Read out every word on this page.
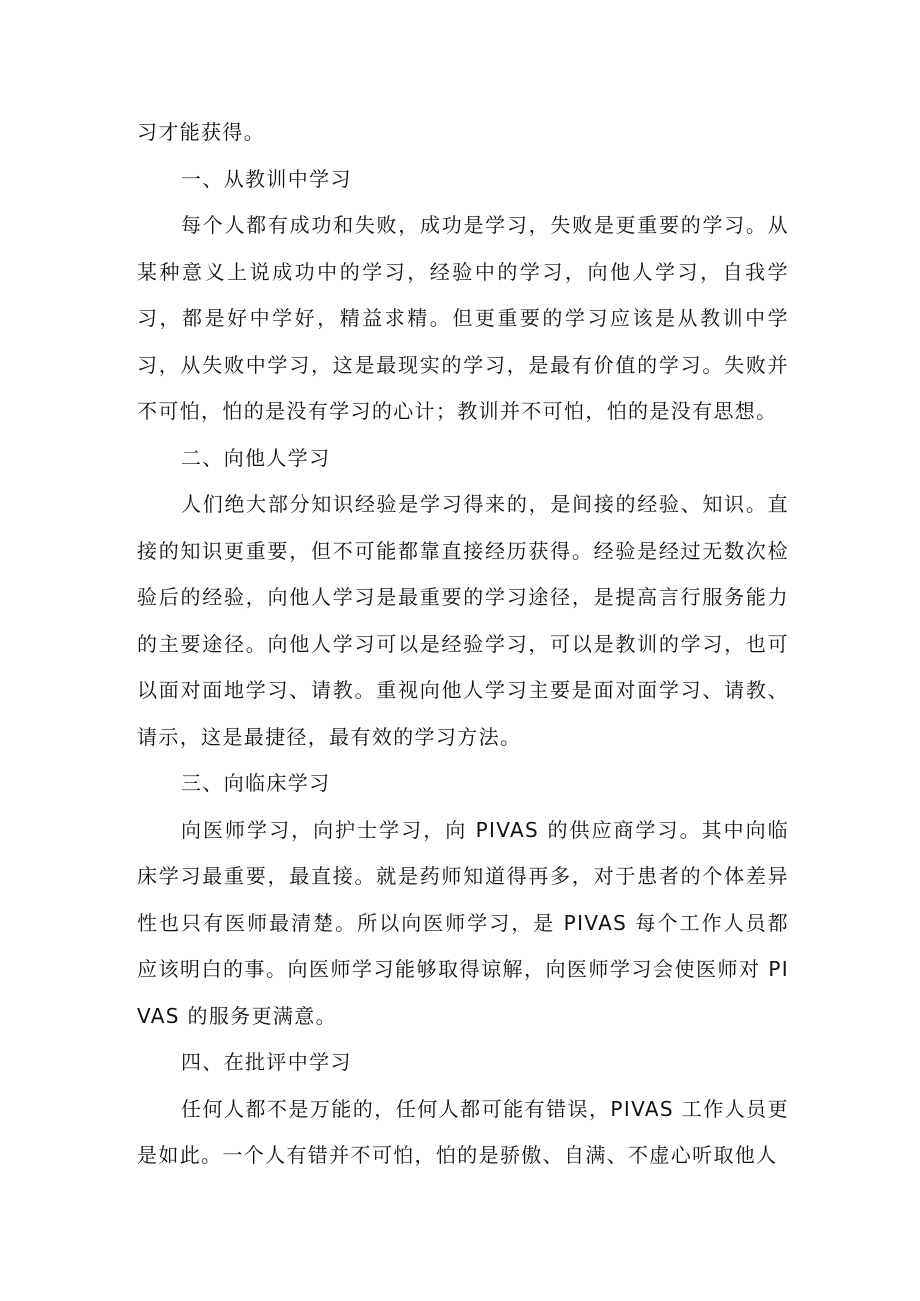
习才能获得。

一、从教训中学习

每个人都有成功和失败，成功是学习，失败是更重要的学习。从某种意义上说成功中的学习，经验中的学习，向他人学习，自我学习，都是好中学好，精益求精。但更重要的学习应该是从教训中学习，从失败中学习，这是最现实的学习，是最有价值的学习。失败并不可怕，怕的是没有学习的心计；教训并不可怕，怕的是没有思想。

二、向他人学习

人们绝大部分知识经验是学习得来的，是间接的经验、知识。直接的知识更重要，但不可能都靠直接经历获得。经验是经过无数次检验后的经验，向他人学习是最重要的学习途径，是提高言行服务能力的主要途径。向他人学习可以是经验学习，可以是教训的学习，也可以面对面地学习、请教。重视向他人学习主要是面对面学习、请教、请示，这是最捷径，最有效的学习方法。

三、向临床学习

向医师学习，向护士学习，向 PIVAS 的供应商学习。其中向临床学习最重要，最直接。就是药师知道得再多，对于患者的个体差异性也只有医师最清楚。所以向医师学习，是 PIVAS 每个工作人员都应该明白的事。向医师学习能够取得谅解，向医师学习会使医师对 PIVAS 的服务更满意。

四、在批评中学习

任何人都不是万能的，任何人都可能有错误，PIVAS 工作人员更是如此。一个人有错并不可怕，怕的是骄傲、自满、不虚心听取他人
